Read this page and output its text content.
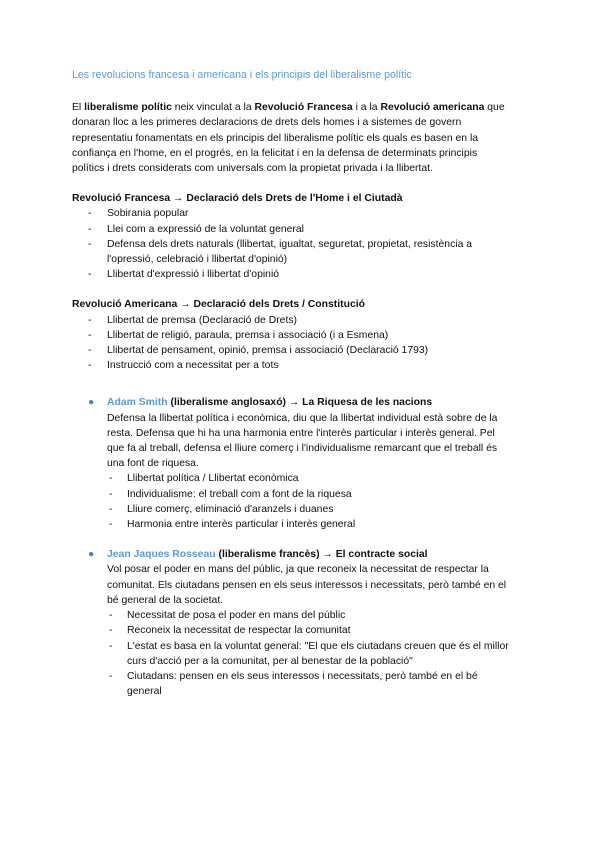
Les revolucions francesa i americana i els principis del liberalisme polític

El liberalisme polític neix vinculat a la Revolució Francesa i a la Revolució americana que donaran lloc a les primeres declaracions de drets dels homes i a sistemes de govern representatiu fonamentats en els principis del liberalisme polític els quals es basen en la confiança en l'home, en el progrés, en la felicitat i en la defensa de determinats principis polítics i drets considerats com universals com la propietat privada i la llibertat.

Revolució Francesa → Declaració dels Drets de l'Home i el Ciutadà

- Sobirania popular
- Llei com a expressió de la voluntat general
- Defensa dels drets naturals (llibertat, igualtat, seguretat, propietat, resistència a l'opressió, celebració i llibertat d'opinió)
- Llibertat d'expressió i llibertat d'opinió

Revolució Americana → Declaració dels Drets / Constitució

- Llibertat de premsa (Declaració de Drets)
- Llibertat de religió, paraula, premsa i associació (i a Esmena)
- Llibertat de pensament, opinió, premsa i associació (Declaració 1793)
- Instrucció com a necessitat per a tots
● Adam Smith (liberalisme anglosaxó) → La Riquesa de les nacions

Defensa la llibertat política i econòmica, diu que la llibertat individual està sobre de la resta. Defensa que hi ha una harmonia entre l'interès particular i interès general. Pel que fa al treball, defensa el lliure comerç i l'individualisme remarcant que el treball és una font de riquesa.

- Llibertat política / Llibertat econòmica
- Individualisme: el treball com a font de la riquesa
- Lliure comerç, eliminació d'aranzels i duanes
- Harmonia entre interès particular i interès general
● Jean Jaques Rosseau (liberalisme francès) → El contracte social

Vol posar el poder en mans del públic, ja que reconeix la necessitat de respectar la comunitat. Els ciutadans pensen en els seus interessos i necessitats, però també en el bé general de la societat.

- Necessitat de posa el poder en mans del públic
- Reconeix la necessitat de respectar la comunitat
- L'estat es basa en la voluntat general: "El que els ciutadans creuen que és el millor curs d'acció per a la comunitat, per al benestar de la població"
- Ciutadans: pensen en els seus interessos i necessitats, però també en el bé general
